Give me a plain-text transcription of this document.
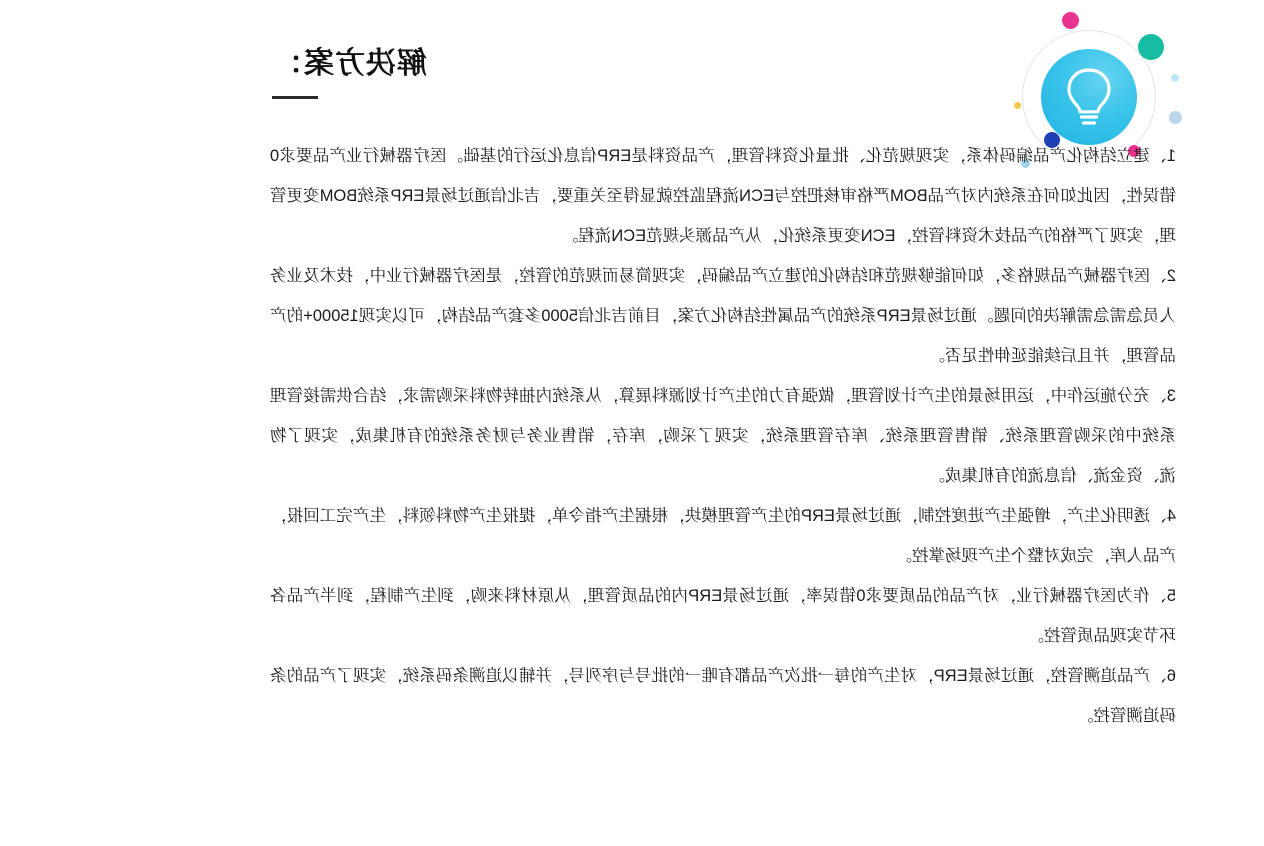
解决方案：

1、建立结构化产品编码体系，实现规范化、批量化资料管理，产品资料是ERP信息化运行的基础。医疗器械行业产品要求0错误性，因此如何在系统内对产品BOM严格审核把控与ECN流程监控就显得至关重要，吉北信通过场景ERP系统BOM变更管理，实现了严格的产品技术资料管控，ECN变更系统化，从产品源头规范ECN流程。

2、医疗器械产品规格多，如何能够规范和结构化的建立产品编码，实现简易而规范的管控，是医疗器械行业中，技术及业务人员急需急需解决的问题。通过场景ERP系统的产品属性结构化方案，目前吉北信5000多套产品结构，可以实现15000+的产品管理，并且后续能延伸性足否。

3、充分施运作中，运用场景的生产计划管理，做强有力的生产计划源料展算，从系统内抽转物料采购需求，结合供需接管理系统中的采购管理系统、销售管理系统、库存管理系统，实现了采购，库存，销售业务与财务系统的有机集成，实现了物流、资金流、信息流的有机集成。

4、透明化生产，增强生产进度控制，通过场景ERP的生产管理模块，根据生产指令单，提报生产物料领料，生产完工回报，产品人库，完成对整个生产现场掌控。

5、作为医疗器械行业，对产品的品质要求0错误率，通过场景ERP内的品质管理，从原材料来购，到生产制程，到半产品各环节实现品质管控。

6、产品追溯管控，通过场景ERP，对生产的每一批次产品都有唯一的批号与序列号，并辅以追溯条码系统，实现了产品的条码追溯管控。
